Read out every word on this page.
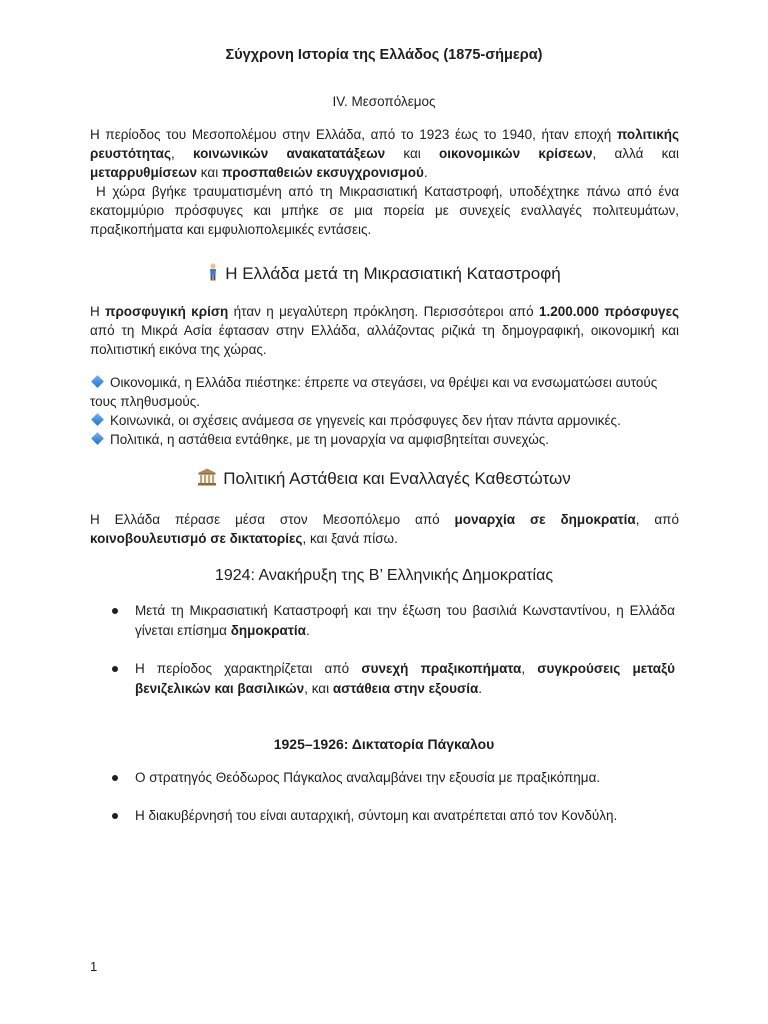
Σύγχρονη Ιστορία της Ελλάδος (1875-σήμερα)
IV. Μεσοπόλεμος

Η περίοδος του Μεσοπολέμου στην Ελλάδα, από το 1923 έως το 1940, ήταν εποχή πολιτικής ρευστότητας, κοινωνικών ανακατατάξεων και οικονομικών κρίσεων, αλλά και μεταρρυθμίσεων και προσπαθειών εκσυγχρονισμού.

Η χώρα βγήκε τραυματισμένη από τη Μικρασιατική Καταστροφή, υποδέχτηκε πάνω από ένα εκατομμύριο πρόσφυγες και μπήκε σε μια πορεία με συνεχείς εναλλαγές πολιτευμάτων, πραξικοπήματα και εμφυλιοπολεμικές εντάσεις.

Η Ελλάδα μετά τη Μικρασιατική Καταστροφή

Η προσφυγική κρίση ήταν η μεγαλύτερη πρόκληση. Περισσότεροι από 1.200.000 πρόσφυγες από τη Μικρά Ασία έφτασαν στην Ελλάδα, αλλάζοντας ριζικά τη δημογραφική, οικονομική και πολιτιστική εικόνα της χώρας.

Οικονομικά, η Ελλάδα πιέστηκε: έπρεπε να στεγάσει, να θρέψει και να ενσωματώσει αυτούς τους πληθυσμούς.
Κοινωνικά, οι σχέσεις ανάμεσα σε γηγενείς και πρόσφυγες δεν ήταν πάντα αρμονικές.
Πολιτικά, η αστάθεια εντάθηκε, με τη μοναρχία να αμφισβητείται συνεχώς.
Πολιτική Αστάθεια και Εναλλαγές Καθεστώτων

Η Ελλάδα πέρασε μέσα στον Μεσοπόλεμο από μοναρχία σε δημοκρατία, από κοινοβουλευτισμό σε δικτατορίες, και ξανά πίσω.

1924: Ανακήρυξη της Β’ Ελληνικής Δημοκρατίας
Μετά τη Μικρασιατική Καταστροφή και την έξωση του βασιλιά Κωνσταντίνου, η Ελλάδα γίνεται επίσημα δημοκρατία.
Η περίοδος χαρακτηρίζεται από συνεχή πραξικοπήματα, συγκρούσεις μεταξύ βενιζελικών και βασιλικών, και αστάθεια στην εξουσία.
1925–1926: Δικτατορία Πάγκαλου
Ο στρατηγός Θεόδωρος Πάγκαλος αναλαμβάνει την εξουσία με πραξικόπημα.
Η διακυβέρνησή του είναι αυταρχική, σύντομη και ανατρέπεται από τον Κονδύλη.
1
